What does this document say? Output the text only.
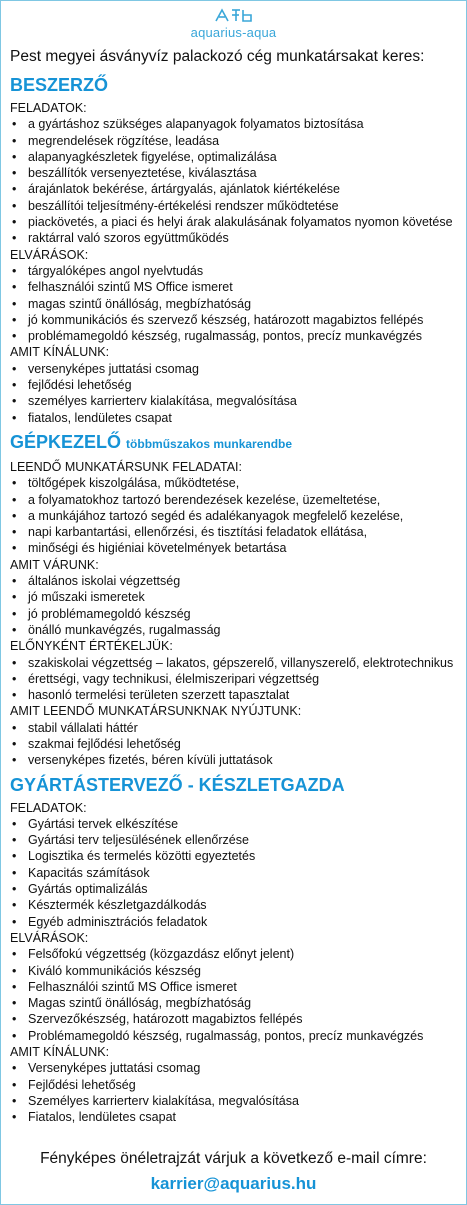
aquarius-aqua
Pest megyei ásványvíz palackozó cég munkatársakat keres:
BESZERZŐ
FELADATOK:
• a gyártáshoz szükséges alapanyagok folyamatos biztosítása
• megrendelések rögzítése, leadása
• alapanyagkészletek figyelése, optimalizálása
• beszállítók versenyeztetése, kiválasztása
• árajánlatok bekérése, ártárgyalás, ajánlatok kiértékelése
• beszállítói teljesítmény-értékelési rendszer működtetése
• piackövetés, a piaci és helyi árak alakulásának folyamatos nyomon követése
• raktárral való szoros együttműködés
ELVÁRÁSOK:
• tárgyalóképes angol nyelvtudás
• felhasználói szintű MS Office ismeret
• magas szintű önállóság, megbízhatóság
• jó kommunikációs és szervező készség, határozott magabiztos fellépés
• problémamegoldó készség, rugalmasság, pontos, precíz munkavégzés
AMIT KÍNÁLUNK:
• versenyképes juttatási csomag
• fejlődési lehetőség
• személyes karrierterv kialakítása, megvalósítása
• fiatalos, lendületes csapat
GÉPKEZELŐ többműszakos munkarendbe
LEENDŐ MUNKATÁRSUNK FELADATAI:
• töltőgépek kiszolgálása, működtetése,
• a folyamatokhoz tartozó berendezések kezelése, üzemeltetése,
• a munkájához tartozó segéd és adalékanyagok megfelelő kezelése,
• napi karbantartási, ellenőrzési, és tisztítási feladatok ellátása,
• minőségi és higiéniai követelmények betartása
AMIT VÁRUNK:
• általános iskolai végzettség
• jó műszaki ismeretek
• jó problémamegoldó készség
• önálló munkavégzés, rugalmasság
ELŐNYKÉNT ÉRTÉKELJÜK:
• szakiskolai végzettség – lakatos, gépszerelő, villanyszerelő, elektrotechnikus
• érettségi, vagy technikusi, élelmiszeripari végzettség
• hasonló termelési területen szerzett tapasztalat
AMIT LEENDŐ MUNKATÁRSUNKNAK NYÚJTUNK:
• stabil vállalati háttér
• szakmai fejlődési lehetőség
• versenyképes fizetés, béren kívüli juttatások
GYÁRTÁSTERVEZŐ - KÉSZLETGAZDA
FELADATOK:
• Gyártási tervek elkészítése
• Gyártási terv teljesülésének ellenőrzése
• Logisztika és termelés közötti egyeztetés
• Kapacitás számítások
• Gyártás optimalizálás
• Késztermék készletgazdálkodás
• Egyéb adminisztrációs feladatok
ELVÁRÁSOK:
• Felsőfokú végzettség (közgazdász előnyt jelent)
• Kiváló kommunikációs készség
• Felhasználói szintű MS Office ismeret
• Magas szintű önállóság, megbízhatóság
• Szervezőkészség, határozott magabiztos fellépés
• Problémamegoldó készség, rugalmasság, pontos, precíz munkavégzés
AMIT KÍNÁLUNK:
• Versenyképes juttatási csomag
• Fejlődési lehetőség
• Személyes karrierterv kialakítása, megvalósítása
• Fiatalos, lendületes csapat
Fényképes önéletrajzát várjuk a következő e-mail címre:
karrier@aquarius.hu
